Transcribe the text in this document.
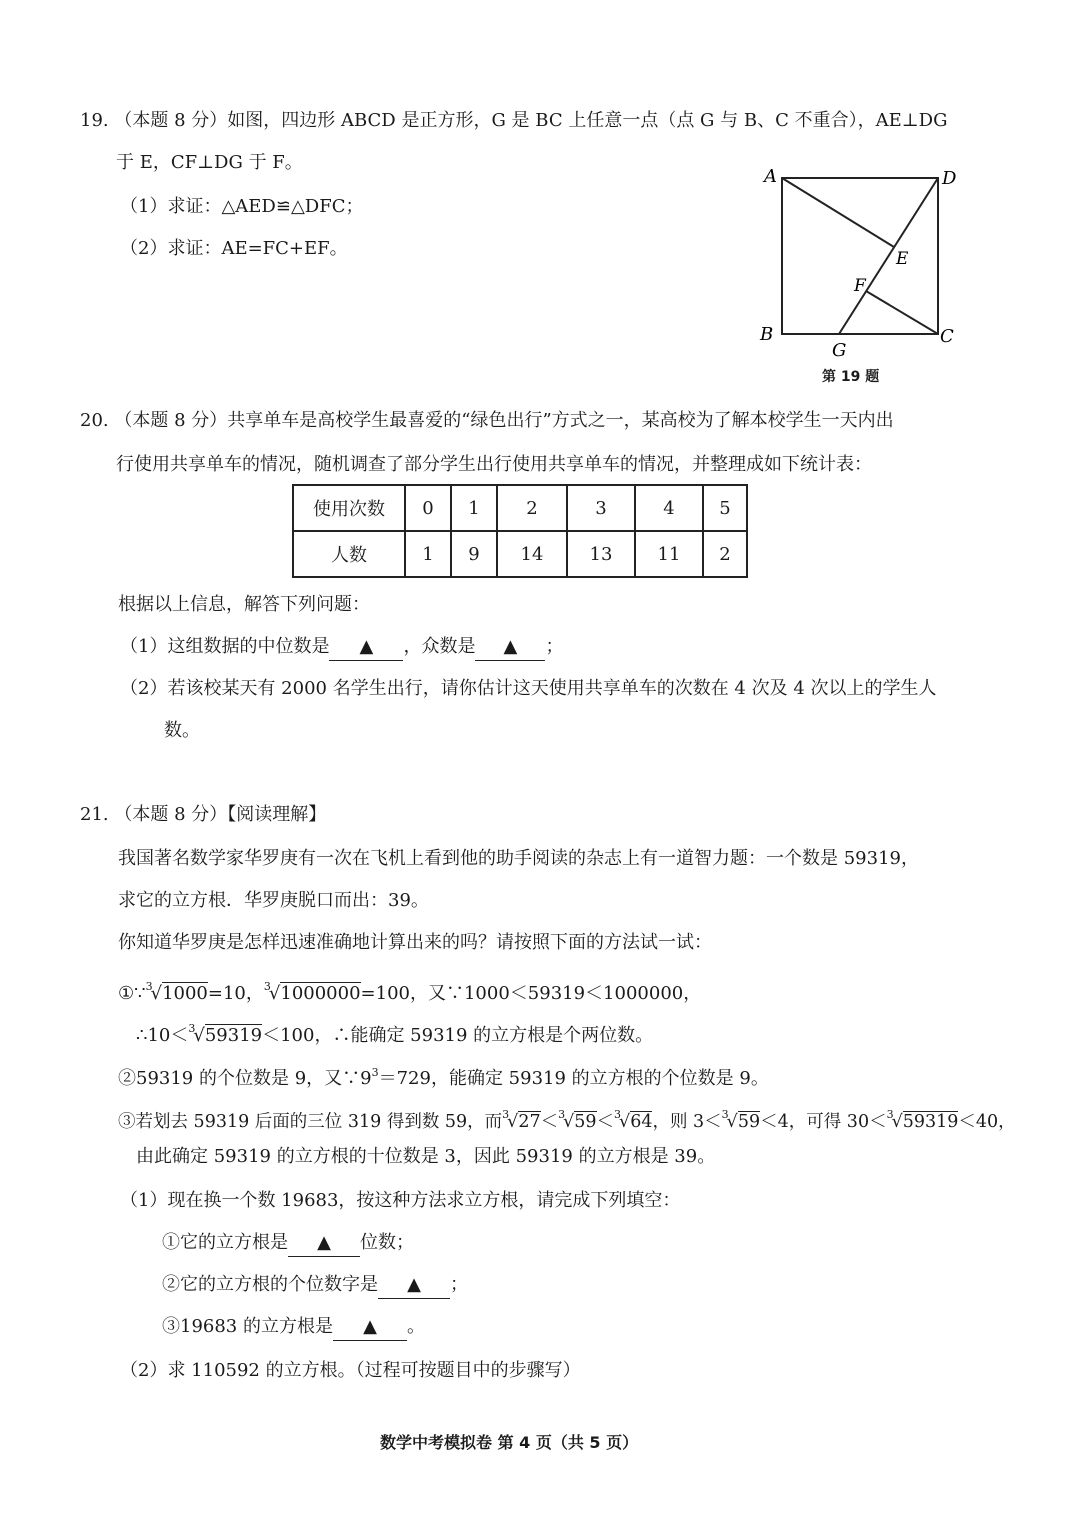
19. （本题 8 分）如图，四边形 ABCD 是正方形，G 是 BC 上任意一点（点 G 与 B、C 不重合），AE⊥DG
于 E，CF⊥DG 于 F。
（1）求证：△AED≌△DFC；
（2）求证：AE=FC+EF。
A	D
B	C
G
E
F
第 19 题
20. （本题 8 分）共享单车是高校学生最喜爱的“绿色出行”方式之一，某高校为了解本校学生一天内出
行使用共享单车的情况，随机调查了部分学生出行使用共享单车的情况，并整理成如下统计表：
使用次数	0	1	2	3	4	5
人数	1	9	14	13	11	2
根据以上信息，解答下列问题：
（1）这组数据的中位数是 ▲ ，众数是 ▲ ；
（2）若该校某天有 2000 名学生出行，请你估计这天使用共享单车的次数在 4 次及 4 次以上的学生人
数。
21. （本题 8 分）【阅读理解】
我国著名数学家华罗庚有一次在飞机上看到他的助手阅读的杂志上有一道智力题：一个数是 59319，
求它的立方根．华罗庚脱口而出：39。
你知道华罗庚是怎样迅速准确地计算出来的吗？请按照下面的方法试一试：
①∵$^3$√1000=10，$^3$√1000000=100，又∵1000＜59319＜1000000，
∴10＜$^3$√59319＜100，∴能确定 59319 的立方根是个两位数。
②59319 的个位数是 9，又$\because 9^3=729$，能确定 59319 的立方根的个位数是 9。
③若划去 59319 后面的三位 319 得到数 59，而$^3$√27＜$^3$√59＜$^3$√64，则 3＜$^3$√59＜4，可得 30＜$^3$√59319＜40，
由此确定 59319 的立方根的十位数是 3，因此 59319 的立方根是 39。
（1）现在换一个数 19683，按这种方法求立方根，请完成下列填空：
①它的立方根是 ▲ 位数；
②它的立方根的个位数字是 ▲ ；
③19683 的立方根是 ▲ 。
（2）求 110592 的立方根。（过程可按题目中的步骤写）
数学中考模拟卷 第 4 页（共 5 页）
